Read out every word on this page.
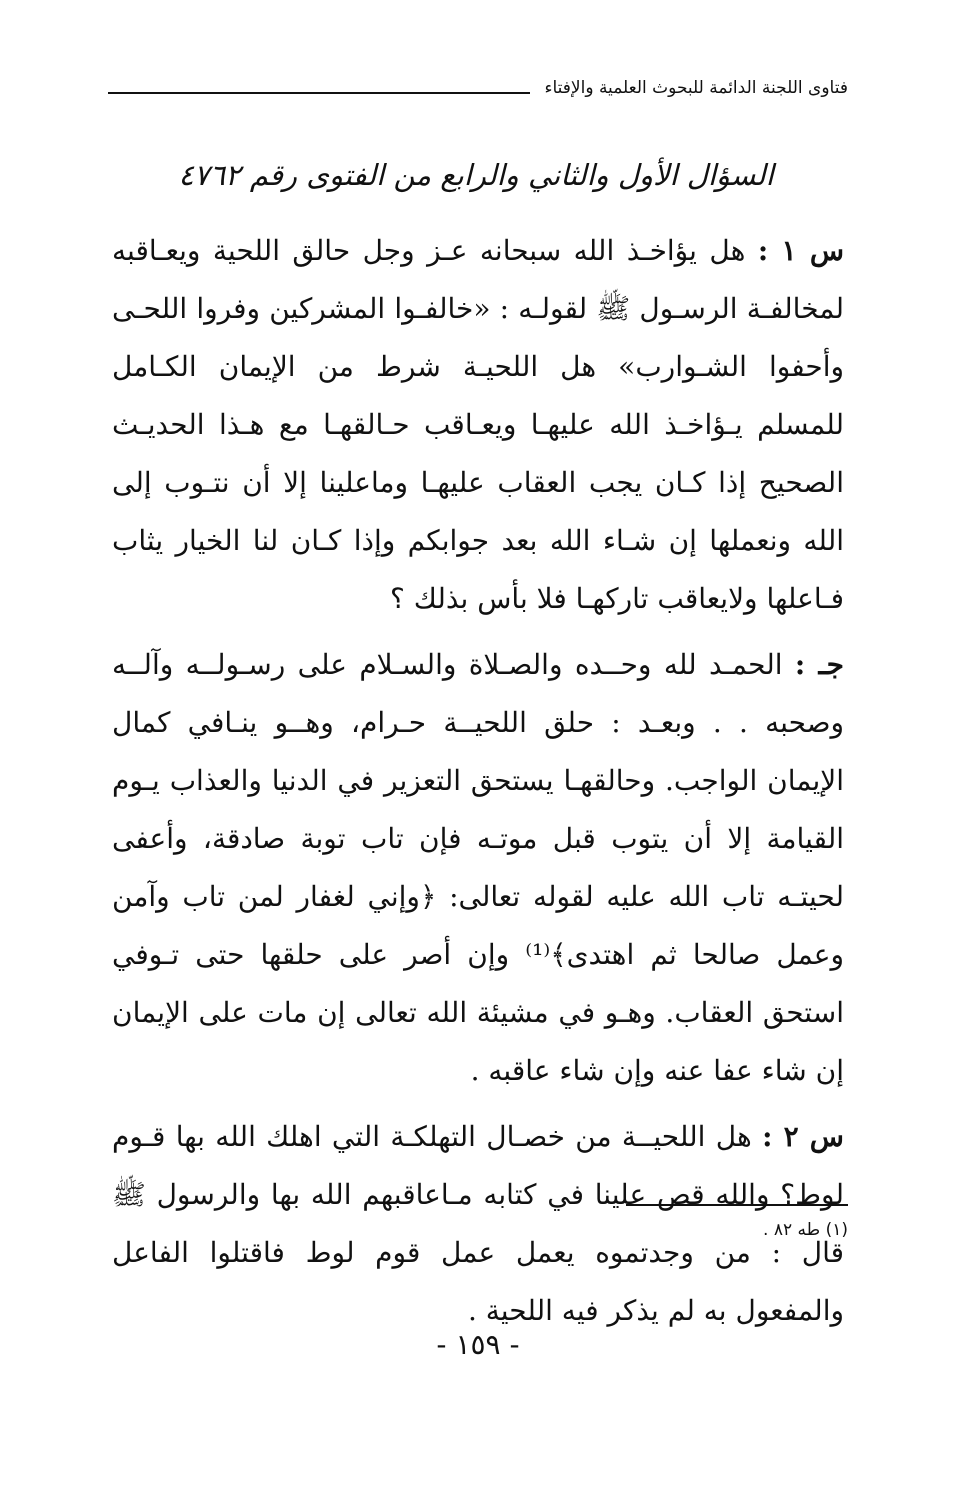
فتاوى اللجنة الدائمة للبحوث العلمية والإفتاء
السؤال الأول والثاني والرابع من الفتوى رقم ٤٧٦٢

س ١ : هل يؤاخـذ الله سبحانه عـز وجل حالق اللحية ويعـاقبه لمخالفـة الرسـول ﷺ لقولـه : «خالفـوا المشركين وفروا اللحـى وأحفوا الشـوارب» هل اللحيـة شرط من الإيمان الكـامل للمسلم يـؤاخـذ الله عليهـا ويعـاقب حـالقهـا مع هـذا الحديـث الصحيح إذا كـان يجب العقاب عليهـا وماعلينا إلا أن نتـوب إلى الله ونعملها إن شـاء الله بعد جوابكم وإذا كـان لنا الخيار يثاب فـاعلها ولايعاقب تاركهـا فلا بأس بذلك ؟

جـ : الحمـد لله وحــده والصـلاة والسـلام على رسـولــه وآلــه وصحبه . . وبعـد : حلق اللحيــة حـرام، وهــو ينـافي كمال الإيمان الواجب. وحالقهـا يستحق التعزير في الدنيا والعذاب يـوم القيامة إلا أن يتوب قبل موتـه فإن تاب توبة صادقة، وأعفى لحيتـه تاب الله عليه لقوله تعالى: ﴿وإني لغفار لمن تاب وآمن وعمل صالحا ثم اهتدى﴾⁽¹⁾ وإن أصر على حلقها حتى تـوفي استحق العقاب. وهـو في مشيئة الله تعالى إن مات على الإيمان إن شاء عفا عنه وإن شاء عاقبه .

س ٢ : هل اللحيــة من خصـال التهلكـة التي اهلك الله بها قـوم لوط؟ والله قص علينا في كتابه مـاعاقبهم الله بها والرسول ﷺ قال : من وجدتموه يعمل عمل قوم لوط فاقتلوا الفاعل والمفعول به لم يذكر فيه اللحية .

(١) طه ٨٢ .
- ١٥٩ -
